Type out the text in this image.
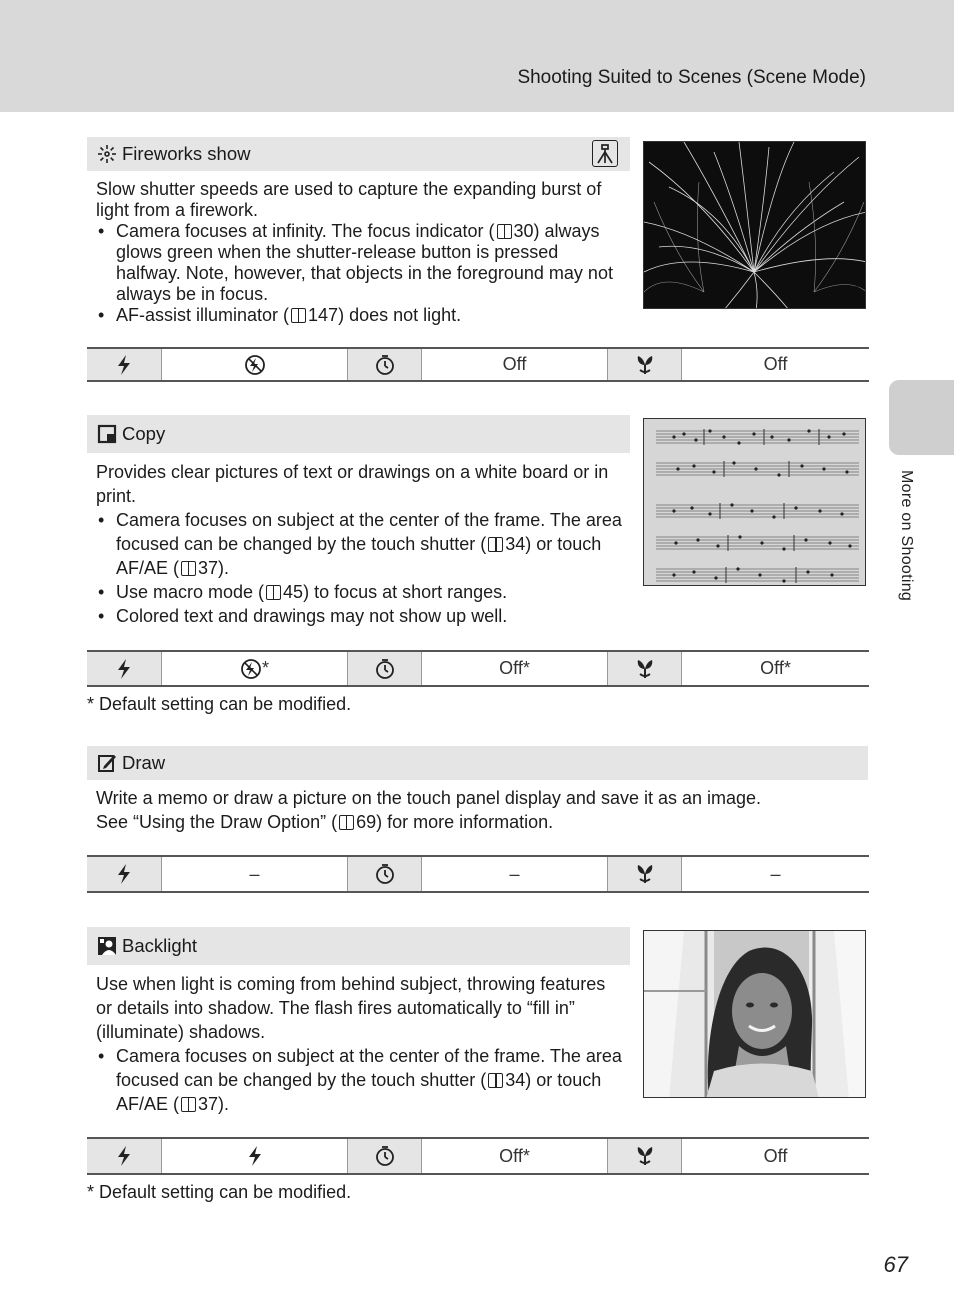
Shooting Suited to Scenes (Scene Mode)
More on Shooting
Fireworks show

Slow shutter speeds are used to capture the expanding burst of light from a firework.

• Camera focuses at infinity. The focus indicator ( 30) always glows green when the shutter-release button is pressed halfway. Note, however, that objects in the foreground may not always be in focus.
• AF-assist illuminator ( 147) does not light.
Off	Off
Copy

Provides clear pictures of text or drawings on a white board or in print.

• Camera focuses on subject at the center of the frame. The area focused can be changed by the touch shutter ( 34) or touch AF/AE ( 37).
• Use macro mode ( 45) to focus at short ranges.
• Colored text and drawings may not show up well.
*	Off*	Off*
* Default setting can be modified.
Draw

Write a memo or draw a picture on the touch panel display and save it as an image.

See “Using the Draw Option” ( 69) for more information.

–	–	–
Backlight

Use when light is coming from behind subject, throwing features or details into shadow. The flash fires automatically to “fill in” (illuminate) shadows.

• Camera focuses on subject at the center of the frame. The area focused can be changed by the touch shutter ( 34) or touch AF/AE ( 37).
Off*	Off
* Default setting can be modified.
67
